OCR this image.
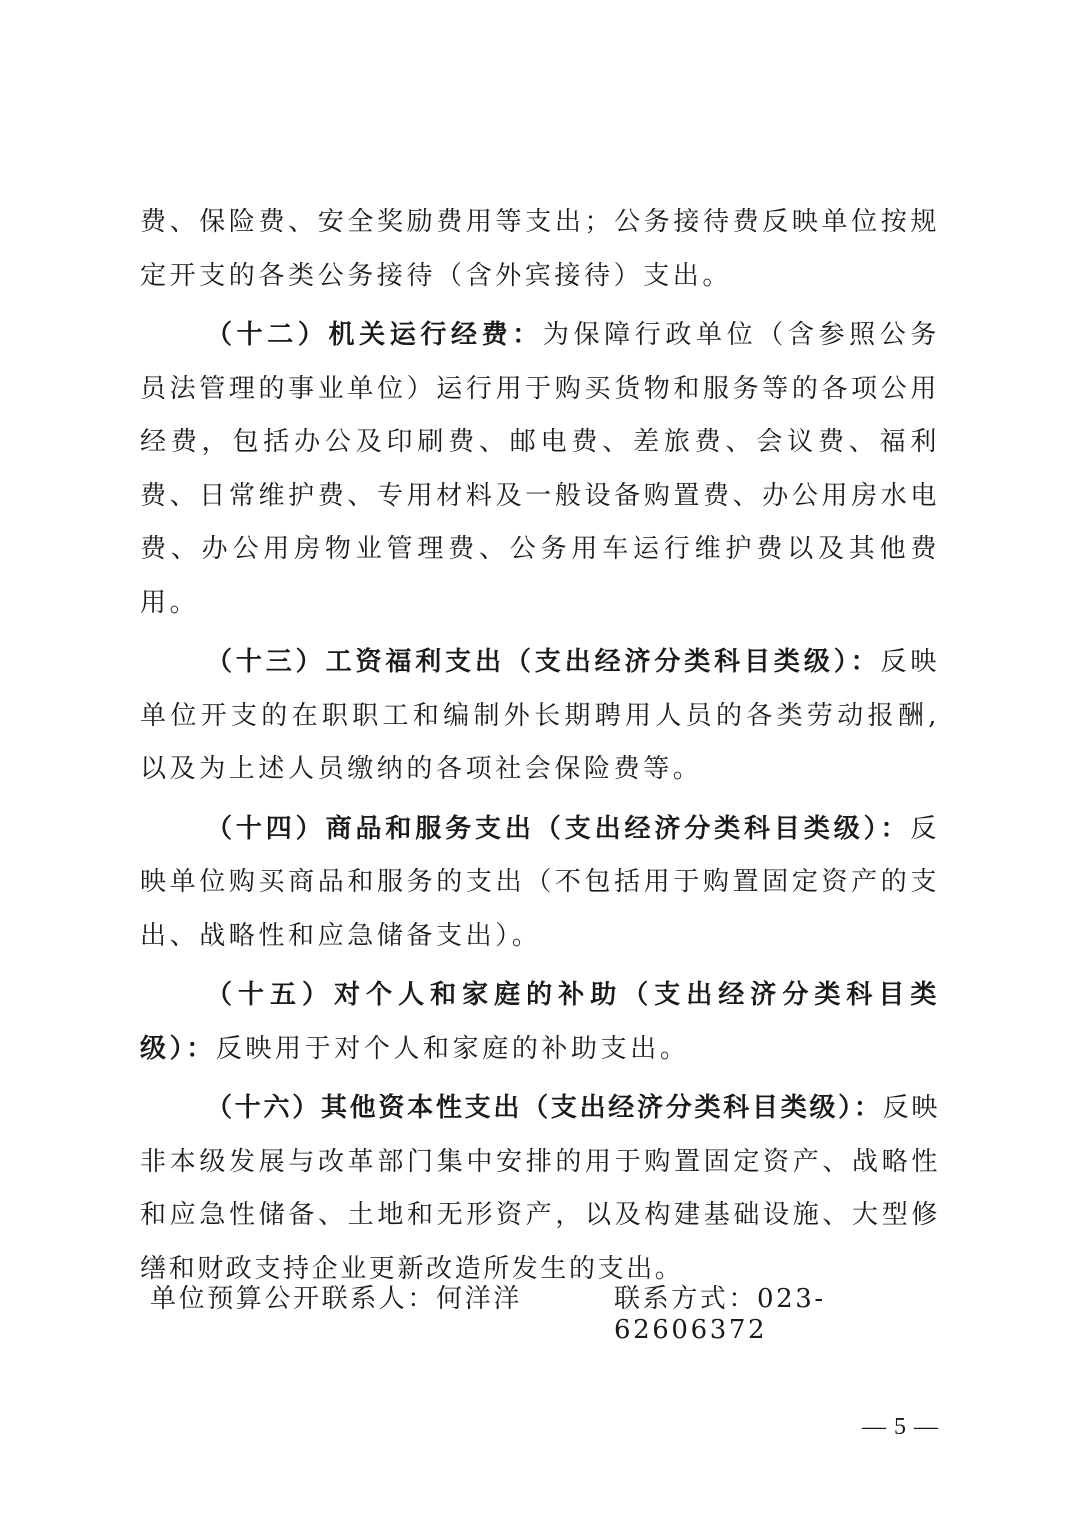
费、保险费、安全奖励费用等支出；公务接待费反映单位按规定开支的各类公务接待（含外宾接待）支出。

（十二）机关运行经费：为保障行政单位（含参照公务员法管理的事业单位）运行用于购买货物和服务等的各项公用经费，包括办公及印刷费、邮电费、差旅费、会议费、福利费、日常维护费、专用材料及一般设备购置费、办公用房水电费、办公用房物业管理费、公务用车运行维护费以及其他费用。

（十三）工资福利支出（支出经济分类科目类级）：反映单位开支的在职职工和编制外长期聘用人员的各类劳动报酬,以及为上述人员缴纳的各项社会保险费等。

（十四）商品和服务支出（支出经济分类科目类级）：反映单位购买商品和服务的支出（不包括用于购置固定资产的支出、战略性和应急储备支出）。

（十五）对个人和家庭的补助（支出经济分类科目类级）：反映用于对个人和家庭的补助支出。

（十六）其他资本性支出（支出经济分类科目类级）：反映非本级发展与改革部门集中安排的用于购置固定资产、战略性和应急性储备、土地和无形资产，以及构建基础设施、大型修缮和财政支持企业更新改造所发生的支出。

单位预算公开联系人：何洋洋	联系方式：023-62606372
— 5 —
